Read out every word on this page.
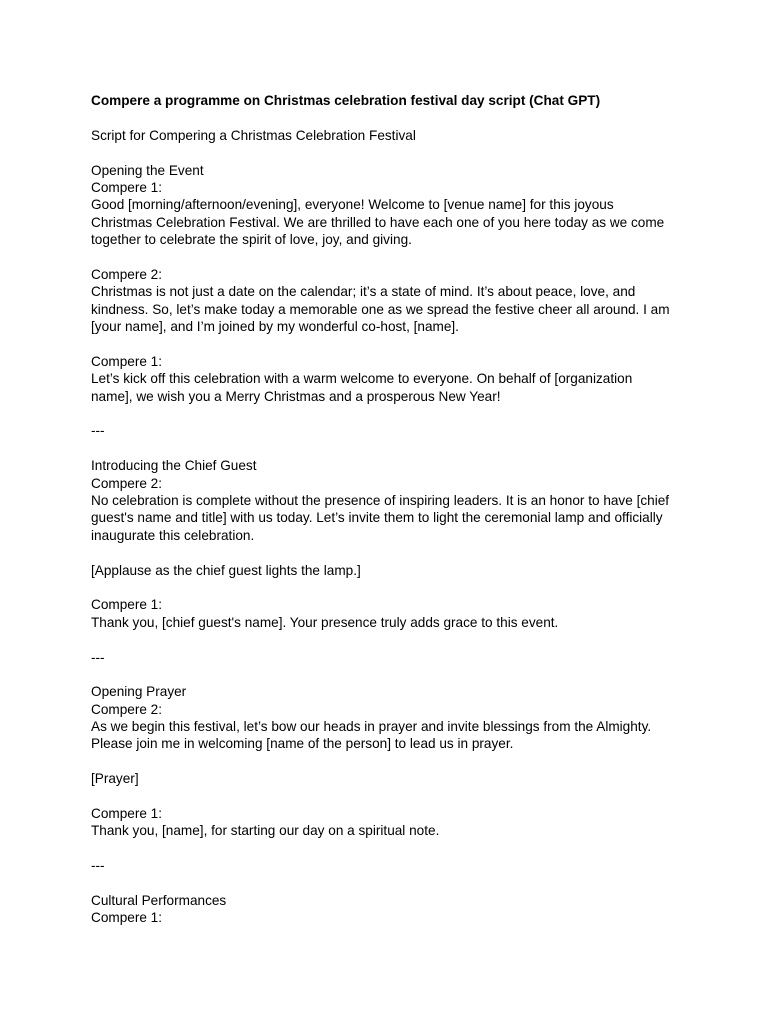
Compere a programme on Christmas celebration festival day script (Chat GPT)
Script for Compering a Christmas Celebration Festival
Opening the Event
Compere 1:
Good [morning/afternoon/evening], everyone! Welcome to [venue name] for this joyous
Christmas Celebration Festival. We are thrilled to have each one of you here today as we come
together to celebrate the spirit of love, joy, and giving.
Compere 2:
Christmas is not just a date on the calendar; it’s a state of mind. It’s about peace, love, and
kindness. So, let’s make today a memorable one as we spread the festive cheer all around. I am
[your name], and I’m joined by my wonderful co-host, [name].
Compere 1:
Let’s kick off this celebration with a warm welcome to everyone. On behalf of [organization
name], we wish you a Merry Christmas and a prosperous New Year!
---
Introducing the Chief Guest
Compere 2:
No celebration is complete without the presence of inspiring leaders. It is an honor to have [chief
guest's name and title] with us today. Let’s invite them to light the ceremonial lamp and officially
inaugurate this celebration.
[Applause as the chief guest lights the lamp.]
Compere 1:
Thank you, [chief guest's name]. Your presence truly adds grace to this event.
---
Opening Prayer
Compere 2:
As we begin this festival, let’s bow our heads in prayer and invite blessings from the Almighty.
Please join me in welcoming [name of the person] to lead us in prayer.
[Prayer]
Compere 1:
Thank you, [name], for starting our day on a spiritual note.
---
Cultural Performances
Compere 1:
